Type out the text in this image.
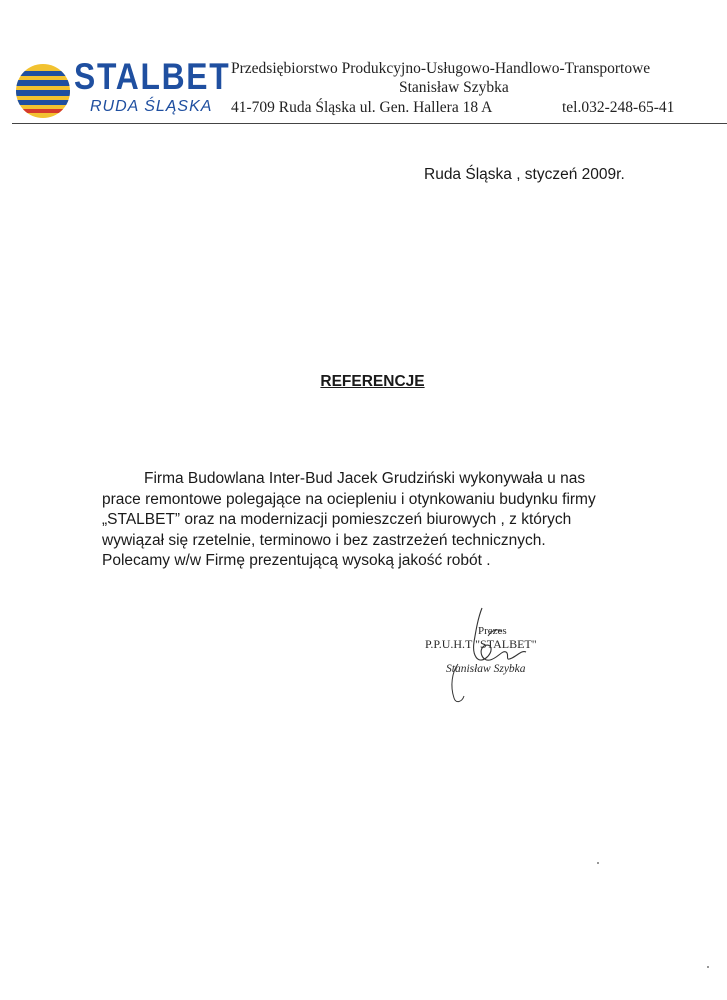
STALBET
RUDA ŚLĄSKA
Przedsiębiorstwo Produkcyjno-Usługowo-Handlowo-Transportowe
Stanisław Szybka
41-709 Ruda Śląska ul. Gen. Hallera 18 A	tel.032-248-65-41
Ruda Śląska , styczeń 2009r.
REFERENCJE

Firma Budowlana Inter-Bud Jacek Grudziński wykonywała u nas

prace remontowe polegające na ociepleniu i otynkowaniu budynku firmy

„STALBET” oraz na modernizacji pomieszczeń biurowych , z których

wywiązał się rzetelnie, terminowo i bez zastrzeżeń technicznych.

Polecamy w/w Firmę prezentującą wysoką jakość robót .

Prezes
P.P.U.H.T "STALBET"
Stanisław Szybka
